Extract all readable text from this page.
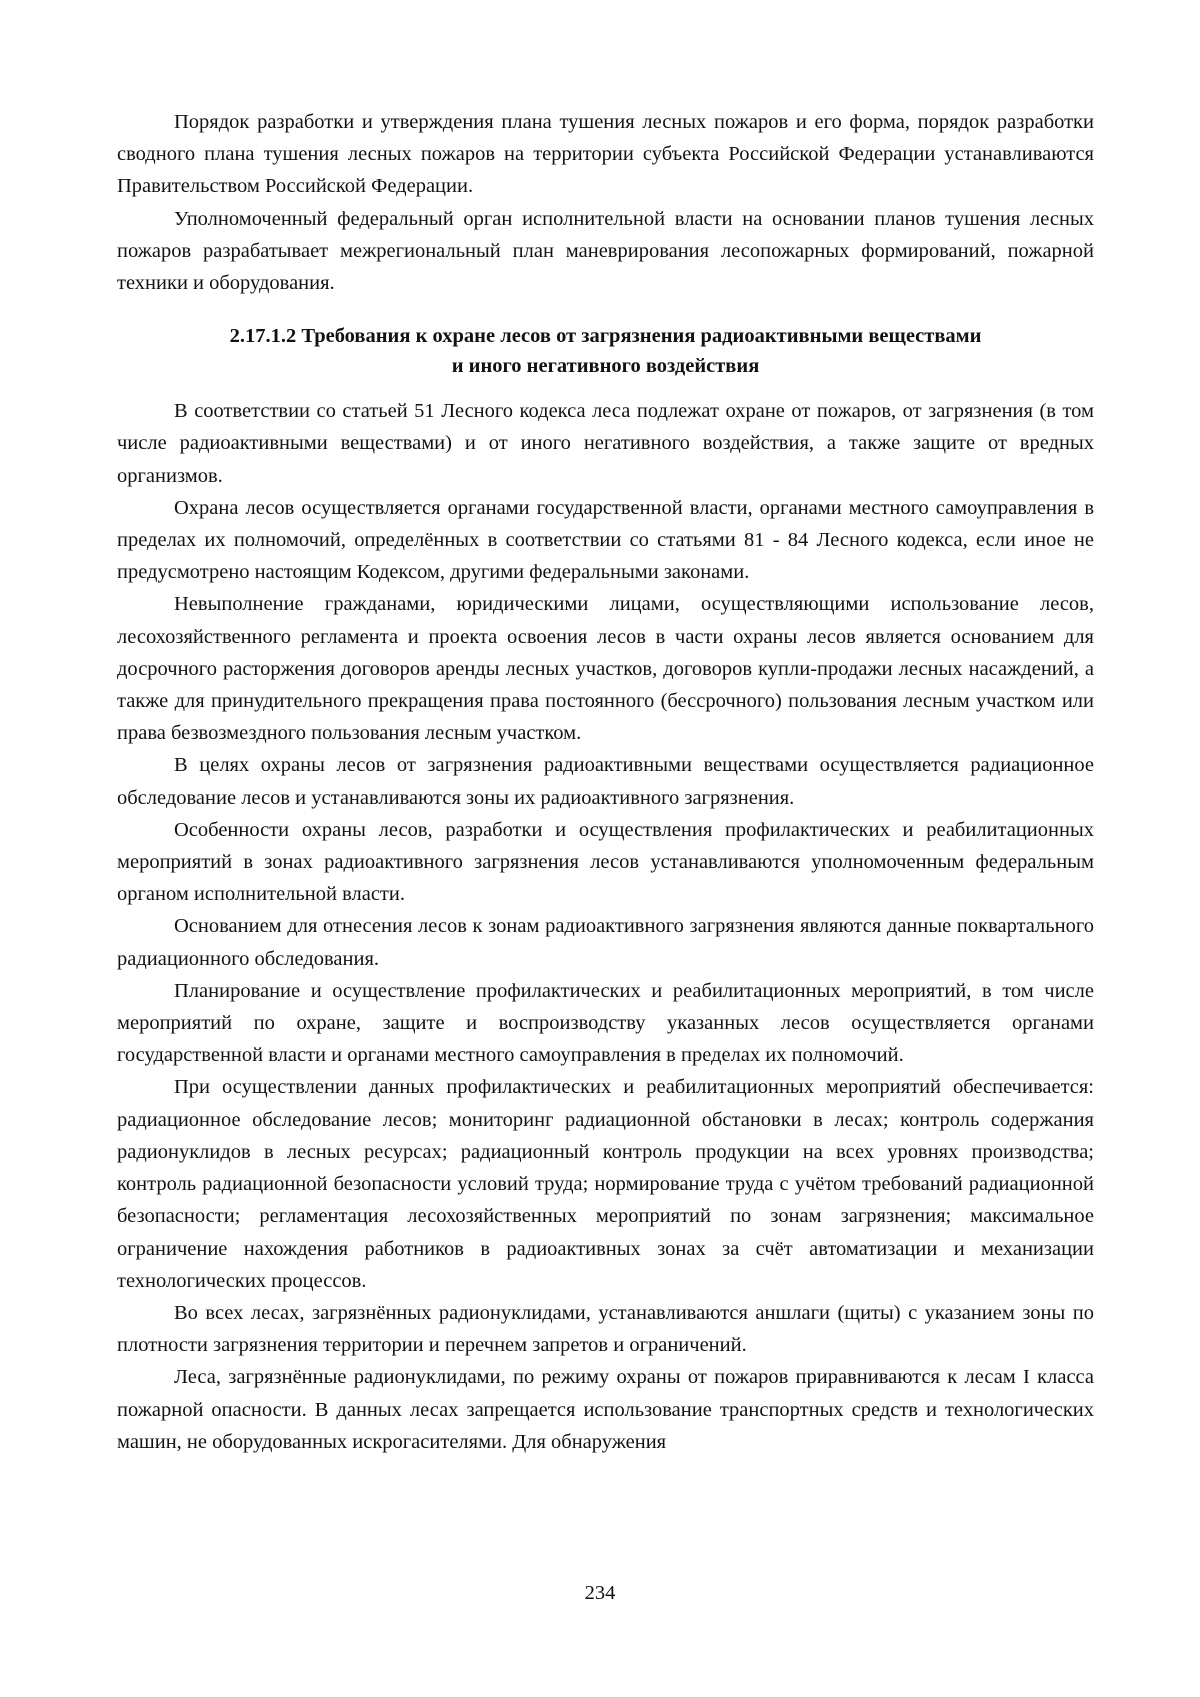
Порядок разработки и утверждения плана тушения лесных пожаров и его форма, порядок разработки сводного плана тушения лесных пожаров на территории субъекта Российской Федерации устанавливаются Правительством Российской Федерации.

Уполномоченный федеральный орган исполнительной власти на основании планов тушения лесных пожаров разрабатывает межрегиональный план маневрирования лесопожарных формирований, пожарной техники и оборудования.

2.17.1.2 Требования к охране лесов от загрязнения радиоактивными веществами
и иного негативного воздействия

В соответствии со статьей 51 Лесного кодекса леса подлежат охране от пожаров, от загрязнения (в том числе радиоактивными веществами) и от иного негативного воздействия, а также защите от вредных организмов.

Охрана лесов осуществляется органами государственной власти, органами местного самоуправления в пределах их полномочий, определённых в соответствии со статьями 81 - 84 Лесного кодекса, если иное не предусмотрено настоящим Кодексом, другими федеральными законами.

Невыполнение гражданами, юридическими лицами, осуществляющими использование лесов, лесохозяйственного регламента и проекта освоения лесов в части охраны лесов является основанием для досрочного расторжения договоров аренды лесных участков, договоров купли-продажи лесных насаждений, а также для принудительного прекращения права постоянного (бессрочного) пользования лесным участком или права безвозмездного пользования лесным участком.

В целях охраны лесов от загрязнения радиоактивными веществами осуществляется радиационное обследование лесов и устанавливаются зоны их радиоактивного загрязнения.

Особенности охраны лесов, разработки и осуществления профилактических и реабилитационных мероприятий в зонах радиоактивного загрязнения лесов устанавливаются уполномоченным федеральным органом исполнительной власти.

Основанием для отнесения лесов к зонам радиоактивного загрязнения являются данные поквартального радиационного обследования.

Планирование и осуществление профилактических и реабилитационных мероприятий, в том числе мероприятий по охране, защите и воспроизводству указанных лесов осуществляется органами государственной власти и органами местного самоуправления в пределах их полномочий.

При осуществлении данных профилактических и реабилитационных мероприятий обеспечивается: радиационное обследование лесов; мониторинг радиационной обстановки в лесах; контроль содержания радионуклидов в лесных ресурсах; радиационный контроль продукции на всех уровнях производства; контроль радиационной безопасности условий труда; нормирование труда с учётом требований радиационной безопасности; регламентация лесохозяйственных мероприятий по зонам загрязнения; максимальное ограничение нахождения работников в радиоактивных зонах за счёт автоматизации и механизации технологических процессов.

Во всех лесах, загрязнённых радионуклидами, устанавливаются аншлаги (щиты) с указанием зоны по плотности загрязнения территории и перечнем запретов и ограничений.

Леса, загрязнённые радионуклидами, по режиму охраны от пожаров приравниваются к лесам I класса пожарной опасности. В данных лесах запрещается использование транспортных средств и технологических машин, не оборудованных искрогасителями. Для обнаружения

234
